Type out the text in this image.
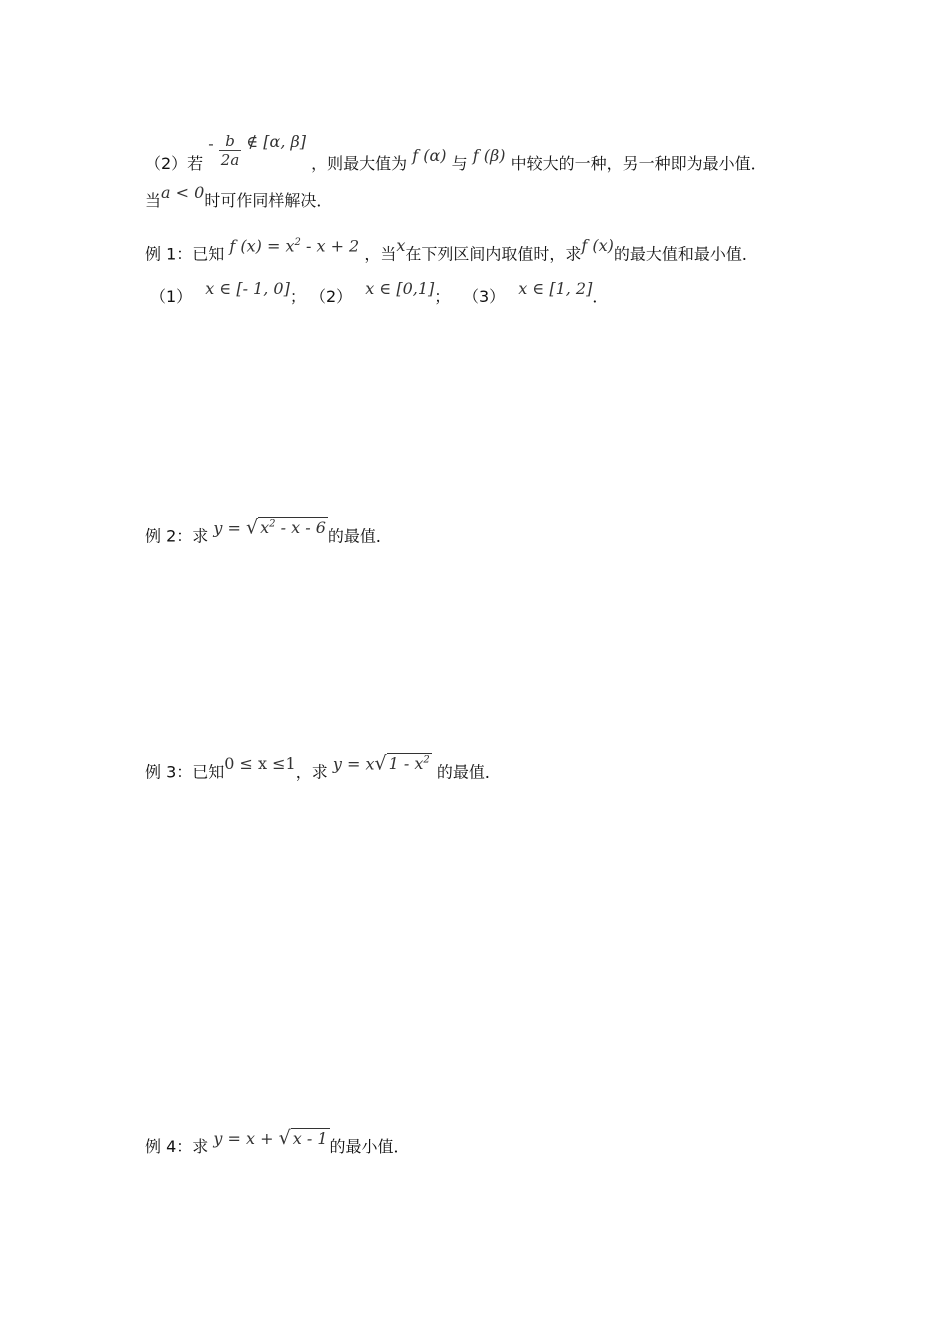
（2）若 - $\frac{b}{2a}$ ∉ [α, β] ，则最大值为 f (α) 与 f (β) 中较大的一种，另一种即为最小值．
当a < 0时可作同样解决．
例 1：已知 f $(x) = x^2 - x + 2$ ，当x在下列区间内取值时，求f (x)的最大值和最小值．
（1） x ∈ [- 1, 0]； （2） x ∈ [0,1]； （3） x ∈ [1, 2]．
例 2：求 y = √ $x^2$ - x - 6 的最值．
例 3：已知0 ≤ x ≤1，求 y = x√ $1 - x^2$ 的最值．
例 4：求 y = x + √ x - 1 的最小值．
